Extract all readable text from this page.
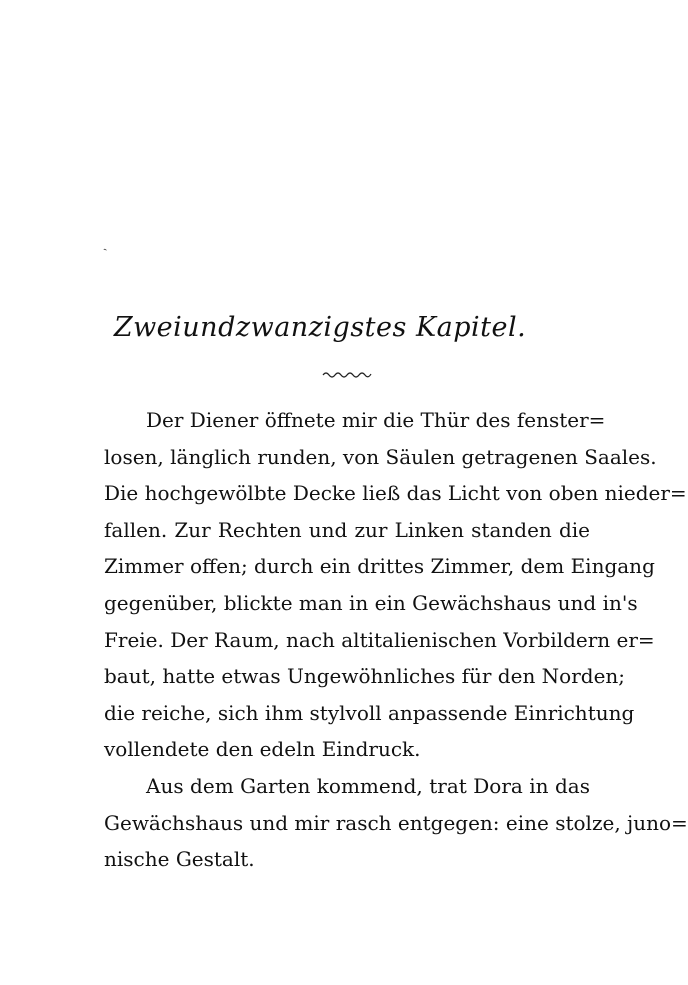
ˎ
Zweiundzwanzigstes Kapitel.
Der Diener öffnete mir die Thür des fenster=
losen, länglich runden, von Säulen getragenen Saales.
Die hochgewölbte Decke ließ das Licht von oben nieder=
fallen. Zur Rechten und zur Linken standen die
Zimmer offen; durch ein drittes Zimmer, dem Eingang
gegenüber, blickte man in ein Gewächshaus und in's
Freie. Der Raum, nach altitalienischen Vorbildern er=
baut, hatte etwas Ungewöhnliches für den Norden;
die reiche, sich ihm stylvoll anpassende Einrichtung
vollendete den edeln Eindruck.
Aus dem Garten kommend, trat Dora in das
Gewächshaus und mir rasch entgegen: eine stolze, juno=
nische Gestalt.
